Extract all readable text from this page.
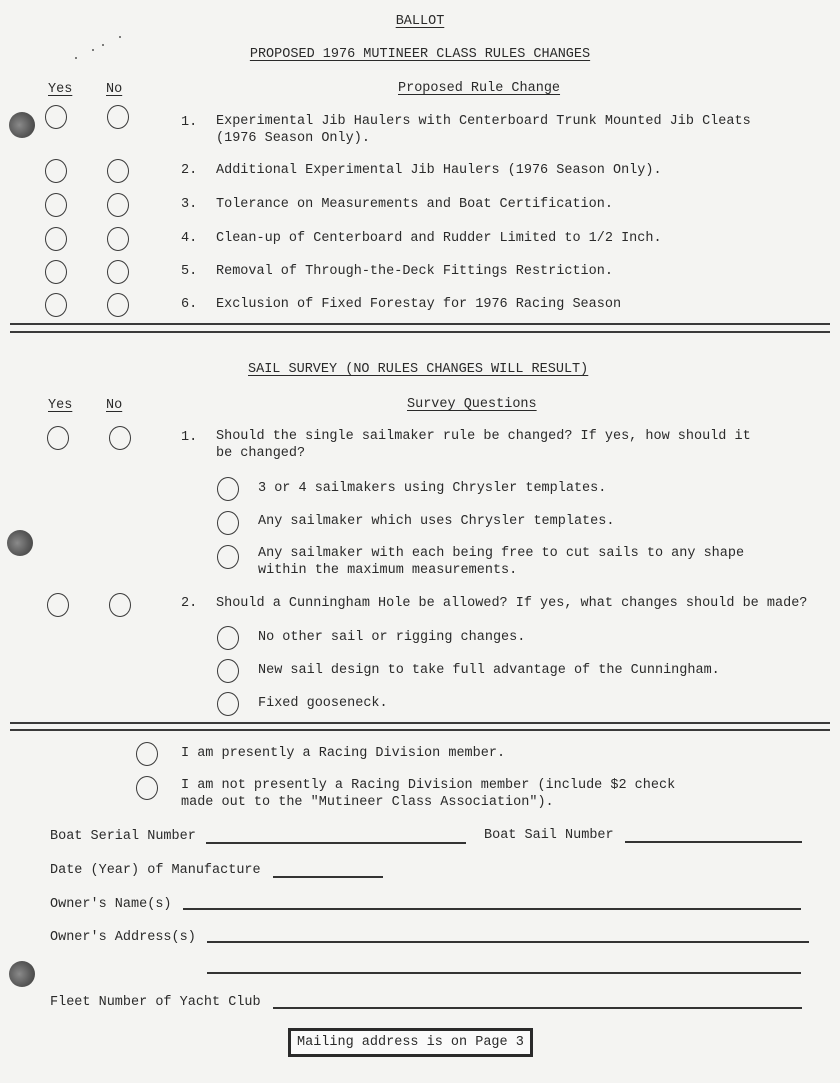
BALLOT
PROPOSED 1976 MUTINEER CLASS RULES CHANGES
Yes No	Proposed Rule Change
1. Experimental Jib Haulers with Centerboard Trunk Mounted Jib Cleats
(1976 Season Only).
2. Additional Experimental Jib Haulers (1976 Season Only).
3. Tolerance on Measurements and Boat Certification.
4. Clean-up of Centerboard and Rudder Limited to 1/2 Inch.
5. Removal of Through-the-Deck Fittings Restriction.
6. Exclusion of Fixed Forestay for 1976 Racing Season
SAIL SURVEY (NO RULES CHANGES WILL RESULT)
Yes No	Survey Questions
1. Should the single sailmaker rule be changed? If yes, how should it
be changed?
3 or 4 sailmakers using Chrysler templates.
Any sailmaker which uses Chrysler templates.
Any sailmaker with each being free to cut sails to any shape
within the maximum measurements.
2. Should a Cunningham Hole be allowed? If yes, what changes should be made?
No other sail or rigging changes.
New sail design to take full advantage of the Cunningham.
Fixed gooseneck.
I am presently a Racing Division member.
I am not presently a Racing Division member (include $2 check
made out to the "Mutineer Class Association").
Boat Serial Number	Boat Sail Number
Date (Year) of Manufacture
Owner's Name(s)
Owner's Address(s)
Fleet Number of Yacht Club
Mailing address is on Page 3
